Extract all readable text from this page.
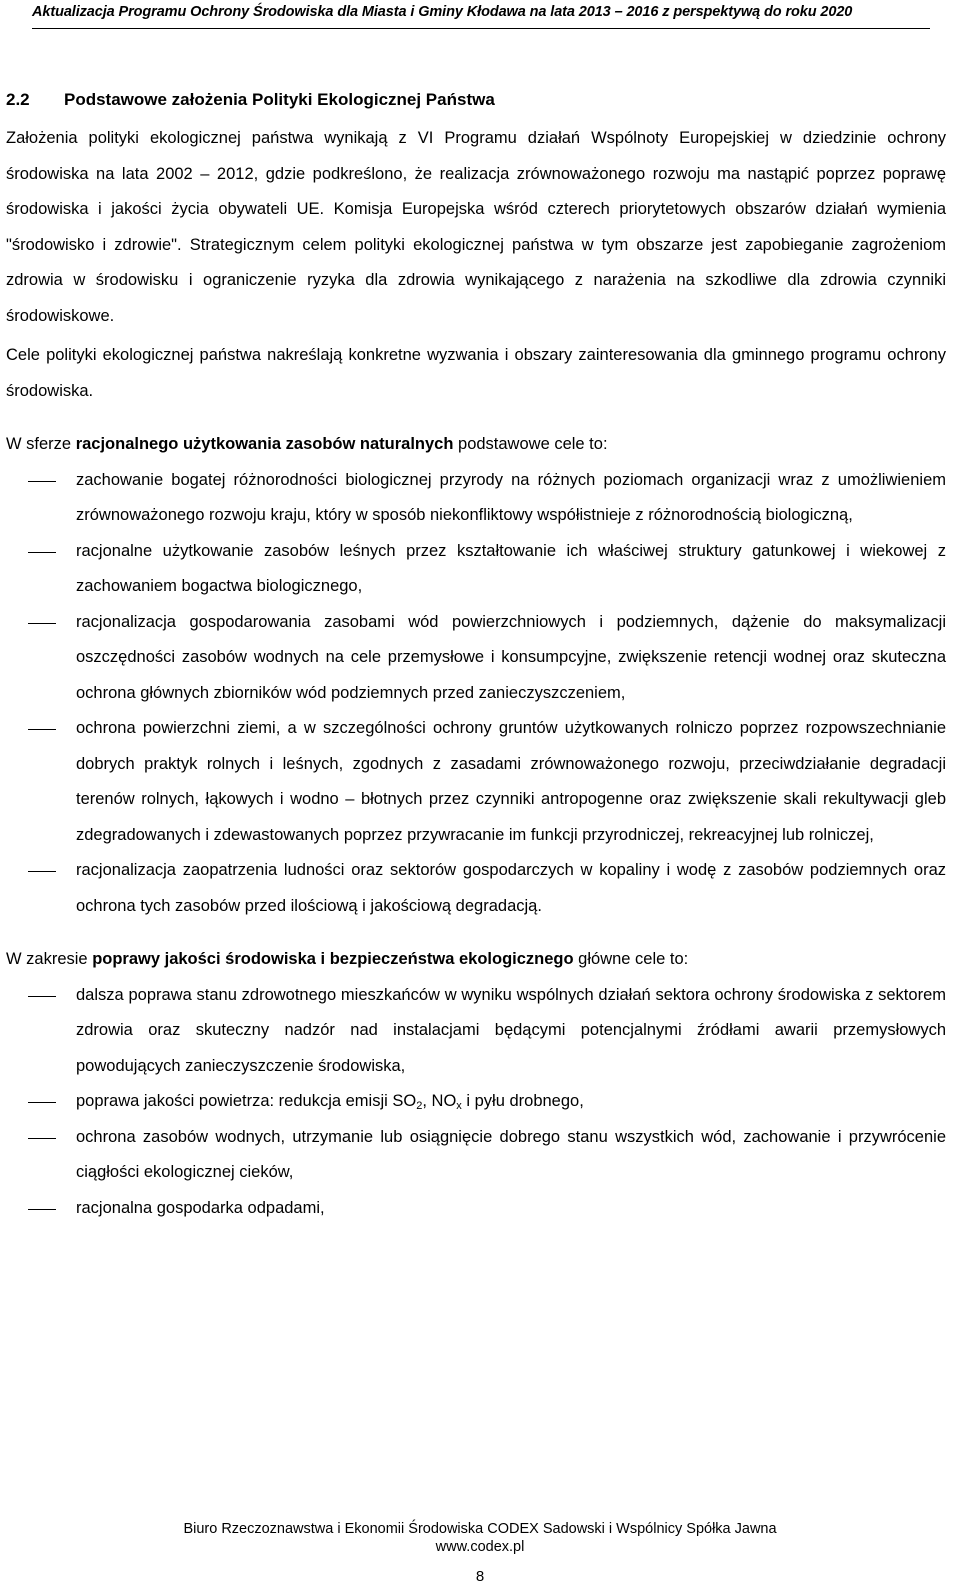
Aktualizacja Programu Ochrony Środowiska dla Miasta i Gminy Kłodawa na lata 2013 – 2016 z perspektywą do roku 2020
2.2 Podstawowe założenia Polityki Ekologicznej Państwa

Założenia polityki ekologicznej państwa wynikają z VI Programu działań Wspólnoty Europejskiej w dziedzinie ochrony środowiska na lata 2002 – 2012, gdzie podkreślono, że realizacja zrównoważonego rozwoju ma nastąpić poprzez poprawę środowiska i jakości życia obywateli UE. Komisja Europejska wśród czterech priorytetowych obszarów działań wymienia "środowisko i zdrowie". Strategicznym celem polityki ekologicznej państwa w tym obszarze jest zapobieganie zagrożeniom zdrowia w środowisku i ograniczenie ryzyka dla zdrowia wynikającego z narażenia na szkodliwe dla zdrowia czynniki środowiskowe.

Cele polityki ekologicznej państwa nakreślają konkretne wyzwania i obszary zainteresowania dla gminnego programu ochrony środowiska.

W sferze racjonalnego użytkowania zasobów naturalnych podstawowe cele to:

zachowanie bogatej różnorodności biologicznej przyrody na różnych poziomach organizacji wraz z umożliwieniem zrównoważonego rozwoju kraju, który w sposób niekonfliktowy współistnieje z różnorodnością biologiczną,
racjonalne użytkowanie zasobów leśnych przez kształtowanie ich właściwej struktury gatunkowej i wiekowej z zachowaniem bogactwa biologicznego,
racjonalizacja gospodarowania zasobami wód powierzchniowych i podziemnych, dążenie do maksymalizacji oszczędności zasobów wodnych na cele przemysłowe i konsumpcyjne, zwiększenie retencji wodnej oraz skuteczna ochrona głównych zbiorników wód podziemnych przed zanieczyszczeniem,
ochrona powierzchni ziemi, a w szczególności ochrony gruntów użytkowanych rolniczo poprzez rozpowszechnianie dobrych praktyk rolnych i leśnych, zgodnych z zasadami zrównoważonego rozwoju, przeciwdziałanie degradacji terenów rolnych, łąkowych i wodno – błotnych przez czynniki antropogenne oraz zwiększenie skali rekultywacji gleb zdegradowanych i zdewastowanych poprzez przywracanie im funkcji przyrodniczej, rekreacyjnej lub rolniczej,
racjonalizacja zaopatrzenia ludności oraz sektorów gospodarczych w kopaliny i wodę z zasobów podziemnych oraz ochrona tych zasobów przed ilościową i jakościową degradacją.

W zakresie poprawy jakości środowiska i bezpieczeństwa ekologicznego główne cele to:

dalsza poprawa stanu zdrowotnego mieszkańców w wyniku wspólnych działań sektora ochrony środowiska z sektorem zdrowia oraz skuteczny nadzór nad instalacjami będącymi potencjalnymi źródłami awarii przemysłowych powodujących zanieczyszczenie środowiska,
poprawa jakości powietrza: redukcja emisji $SO_2$, $NO_x$ i pyłu drobnego,
ochrona zasobów wodnych, utrzymanie lub osiągnięcie dobrego stanu wszystkich wód, zachowanie i przywrócenie ciągłości ekologicznej cieków,
racjonalna gospodarka odpadami,
Biuro Rzeczoznawstwa i Ekonomii Środowiska CODEX Sadowski i Wspólnicy Spółka Jawna
www.codex.pl
8
